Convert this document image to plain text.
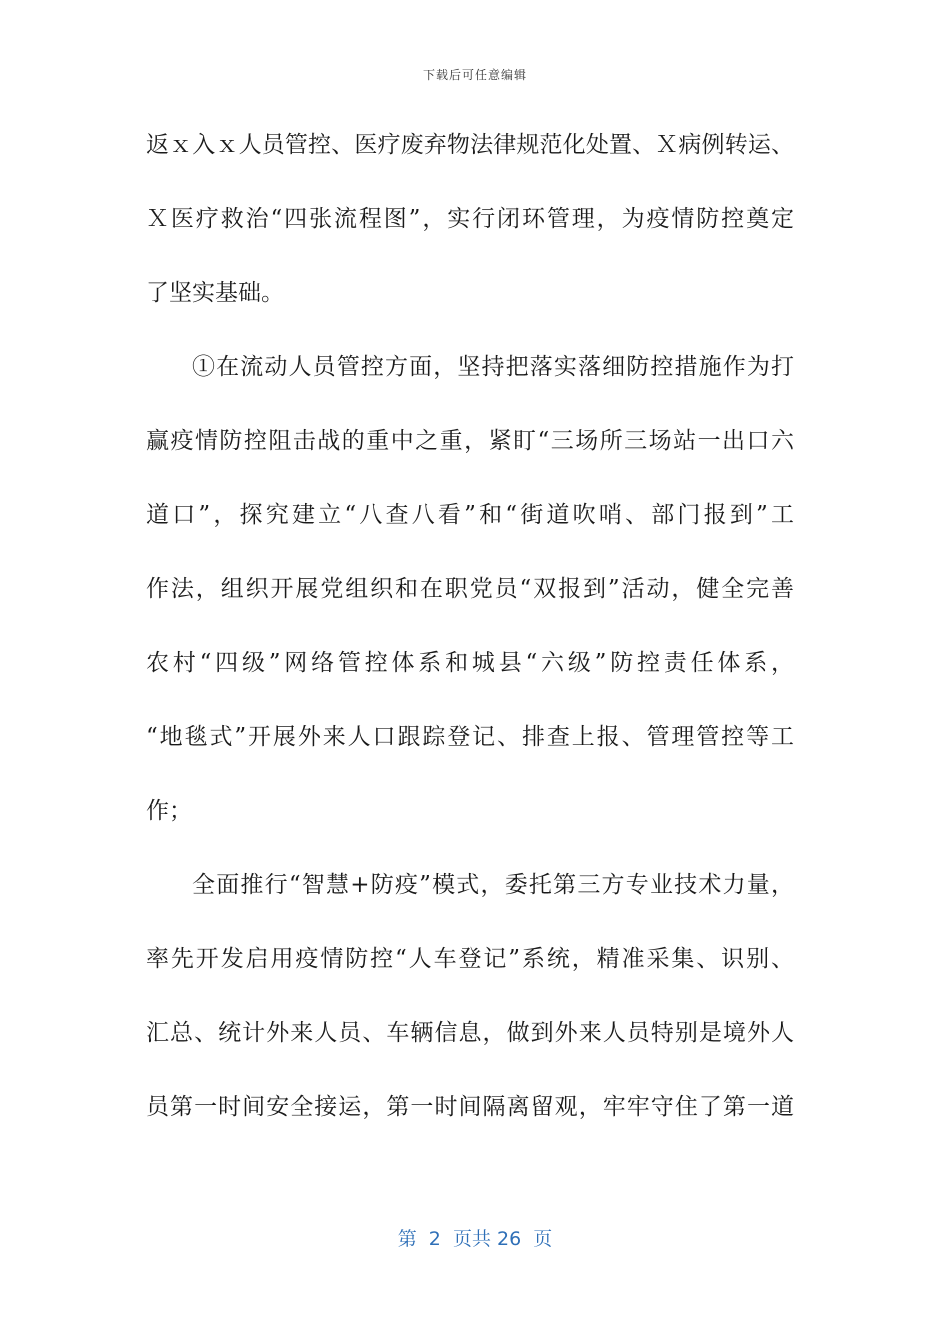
下载后可任意编辑
返ｘ入ｘ人员管控、医疗废弃物法律规范化处置、Ｘ病例转运、
Ｘ医疗救治“四张流程图”，实行闭环管理，为疫情防控奠定
了坚实基础。
①在流动人员管控方面，坚持把落实落细防控措施作为打
赢疫情防控阻击战的重中之重，紧盯“三场所三场站一出口六
道口”，探究建立“八查八看”和“街道吹哨、部门报到”工
作法，组织开展党组织和在职党员“双报到”活动，健全完善
农村“四级”网络管控体系和城县“六级”防控责任体系，
“地毯式”开展外来人口跟踪登记、排查上报、管理管控等工
作；
全面推行“智慧+防疫”模式，委托第三方专业技术力量，
率先开发启用疫情防控“人车登记”系统，精准采集、识别、
汇总、统计外来人员、车辆信息，做到外来人员特别是境外人
员第一时间安全接运，第一时间隔离留观，牢牢守住了第一道
第  2  页共 26  页
